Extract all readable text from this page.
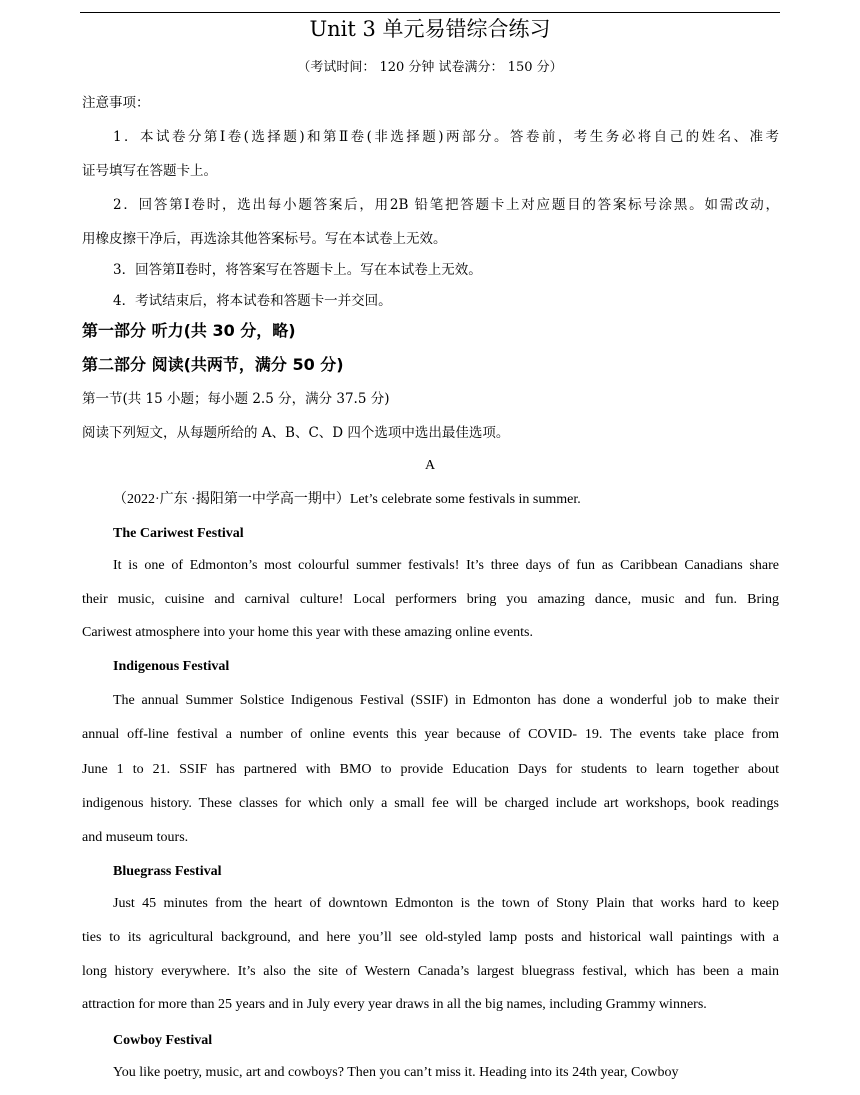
Unit 3 单元易错综合练习
（考试时间： 120 分钟 试卷满分： 150 分）
注意事项：
1．本试卷分第Ⅰ卷(选择题)和第Ⅱ卷(非选择题)两部分。答卷前，考生务必将自己的姓名、准考
证号填写在答题卡上。
2．回答第Ⅰ卷时，选出每小题答案后，用2B 铅笔把答题卡上对应题目的答案标号涂黑。如需改动，
用橡皮擦干净后，再选涂其他答案标号。写在本试卷上无效。
3．回答第Ⅱ卷时，将答案写在答题卡上。写在本试卷上无效。
4．考试结束后，将本试卷和答题卡一并交回。
第一部分 听力(共 30 分，略)
第二部分 阅读(共两节，满分 50 分)
第一节(共 15 小题；每小题 2.5 分，满分 37.5 分)
阅读下列短文，从每题所给的 A、B、C、D 四个选项中选出最佳选项。
A
（2022·广东 ·揭阳第一中学高一期中）Let’s celebrate some festivals in summer.
The Cariwest Festival
It is one of Edmonton’s most colourful summer festivals! It’s three days of fun as Caribbean Canadians share
their music, cuisine and carnival culture! Local performers bring you amazing dance, music and fun. Bring
Cariwest atmosphere into your home this year with these amazing online events.
Indigenous Festival
The annual Summer Solstice Indigenous Festival (SSIF) in Edmonton has done a wonderful job to make their
annual off-line festival a number of online events this year because of COVID- 19. The events take place from
June 1 to 21. SSIF has partnered with BMO to provide Education Days for students to learn together about
indigenous history. These classes for which only a small fee will be charged include art workshops, book readings
and museum tours.
Bluegrass Festival
Just 45 minutes from the heart of downtown Edmonton is the town of Stony Plain that works hard to keep
ties to its agricultural background, and here you’ll see old-styled lamp posts and historical wall paintings with a
long history everywhere. It’s also the site of Western Canada’s largest bluegrass festival, which has been a main
attraction for more than 25 years and in July every year draws in all the big names, including Grammy winners.
Cowboy Festival
You like poetry, music, art and cowboys? Then you can’t miss it. Heading into its 24th year, Cowboy
